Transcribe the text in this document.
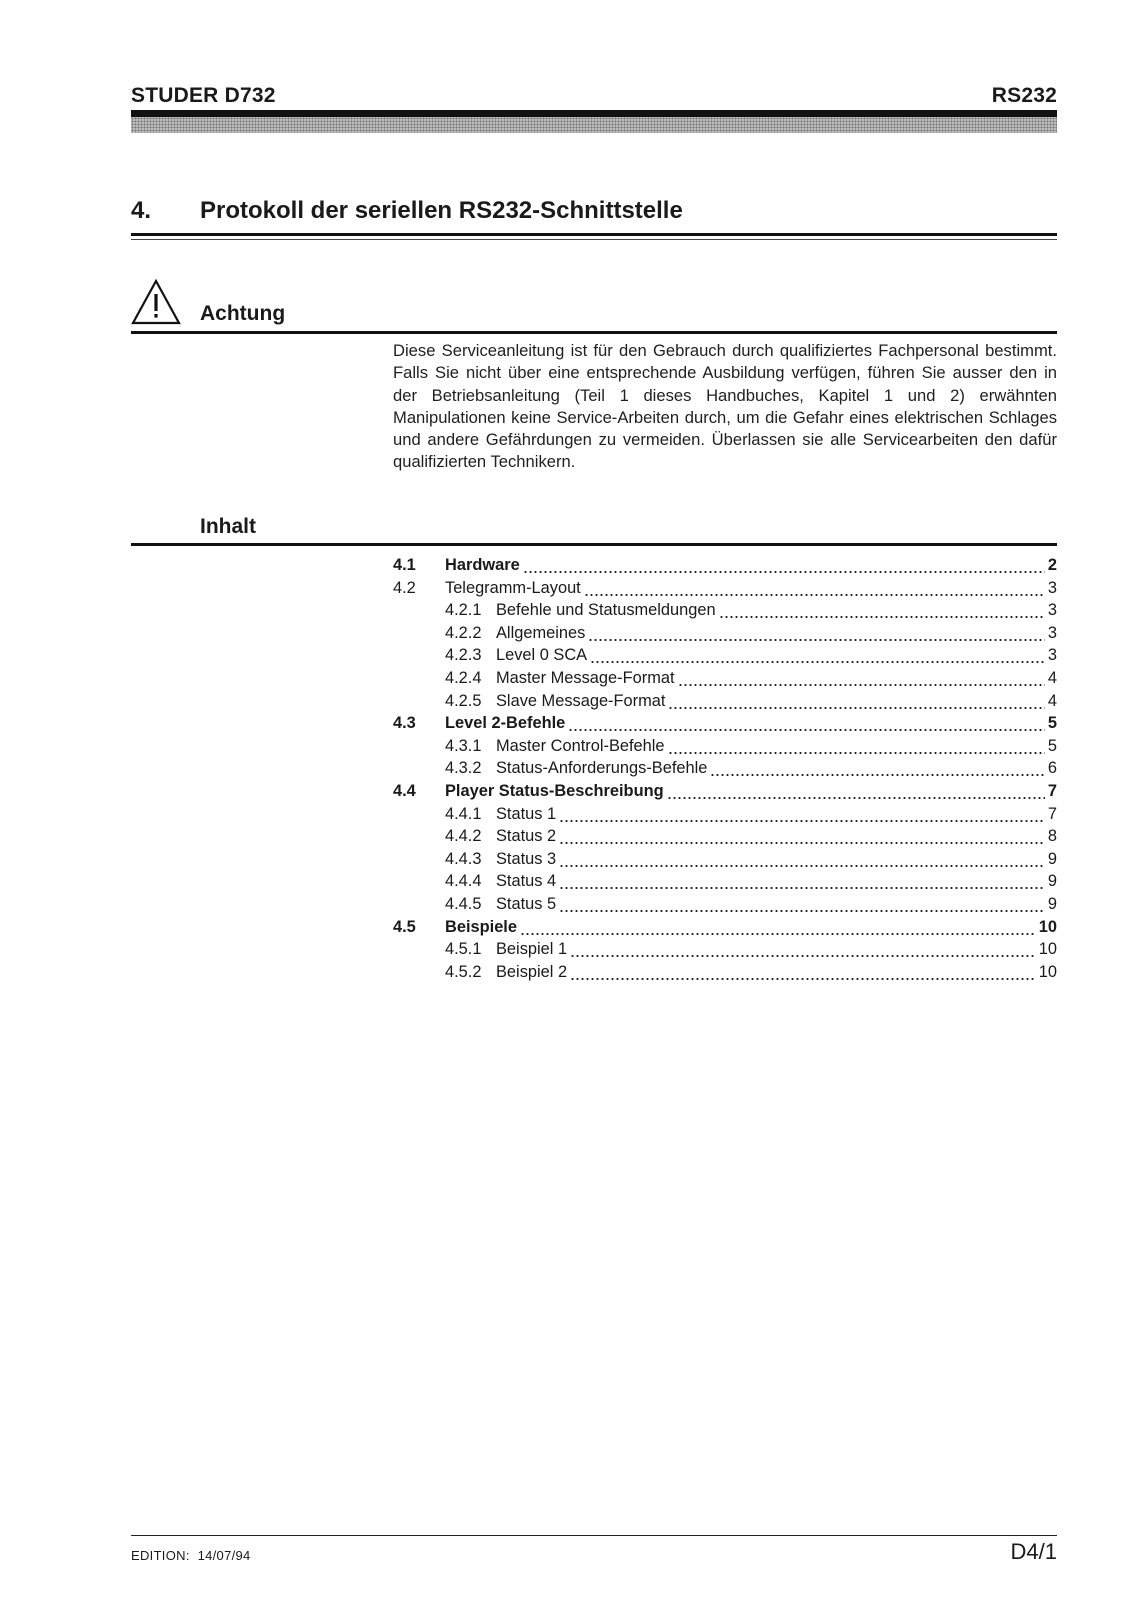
STUDER D732	RS232
4. Protokoll der seriellen RS232-Schnittstelle
Achtung
Diese Serviceanleitung ist für den Gebrauch durch qualifiziertes Fachpersonal bestimmt. Falls Sie nicht über eine entsprechende Ausbildung verfügen, führen Sie ausser den in der Betriebsanleitung (Teil 1 dieses Handbuches, Kapitel 1 und 2) erwähnten Manipulationen keine Service-Arbeiten durch, um die Gefahr eines elektrischen Schlages und andere Gefährdungen zu vermeiden. Überlassen sie alle Servicearbeiten den dafür qualifizierten Technikern.
Inhalt
4.1 Hardware	2
4.2 Telegramm-Layout	3
4.2.1 Befehle und Statusmeldungen	3
4.2.2 Allgemeines	3
4.2.3 Level 0 SCA	3
4.2.4 Master Message-Format	4
4.2.5 Slave Message-Format	4
4.3 Level 2-Befehle	5
4.3.1 Master Control-Befehle	5
4.3.2 Status-Anforderungs-Befehle	6
4.4 Player Status-Beschreibung	7
4.4.1 Status 1	7
4.4.2 Status 2	8
4.4.3 Status 3	9
4.4.4 Status 4	9
4.4.5 Status 5	9
4.5 Beispiele	10
4.5.1 Beispiel 1	10
4.5.2 Beispiel 2	10
EDITION: 14/07/94	D4/1
